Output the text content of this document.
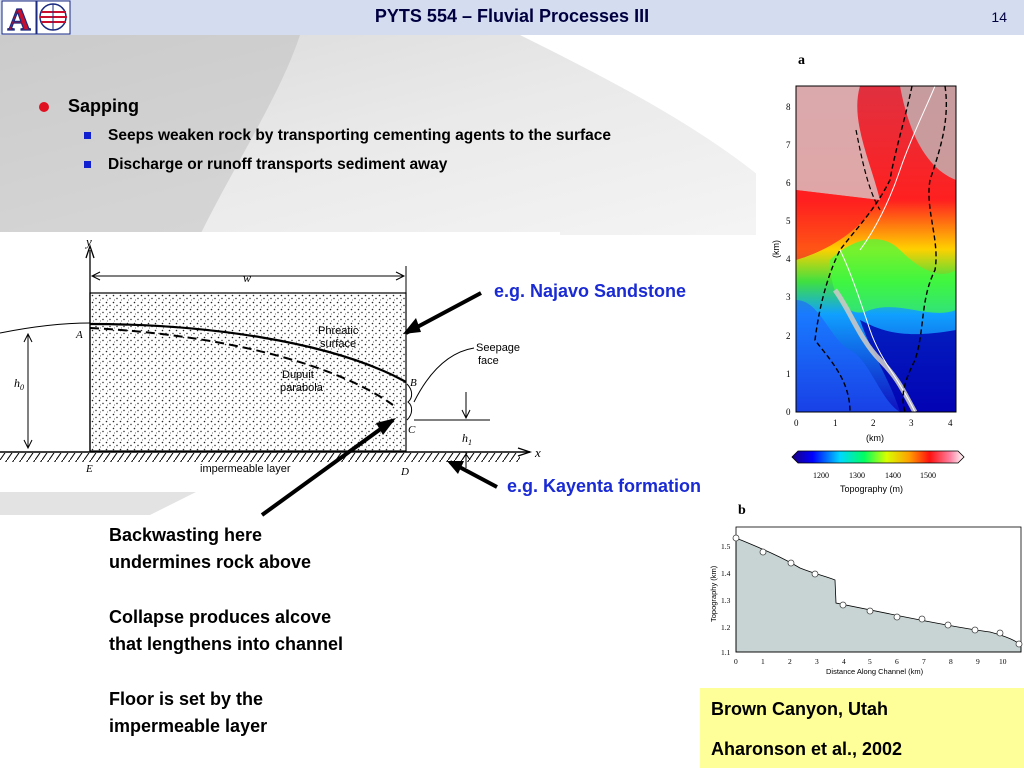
A	PYTS 554 – Fluvial Processes III	14
Sapping
Seeps weaken rock by transporting cementing agents to the surface
Discharge or runoff transports sediment away
y
x
w
$h_0$
$h_1$
A
B
C
D
E
Phreatic
surface
Dupuit
parabola
Seepage
face
impermeable layer
e.g. Najavo Sandstone
e.g. Kayenta formation
Backwasting here
undermines rock above
Collapse produces alcove
that lengthens into channel
Floor is set by the
impermeable layer
a
0
1
2
3
4
5
6
7
8
0	1	2	3	4
(km)
(km)
1200	1300	1400 1500
Topography (m)
b
1.1
1.2
1.3
1.4
1.5
0	1	2	3	4	5	6	7	8	9	10
Topography (km)
Distance Along Channel (km)
Brown Canyon, Utah
Aharonson et al., 2002
